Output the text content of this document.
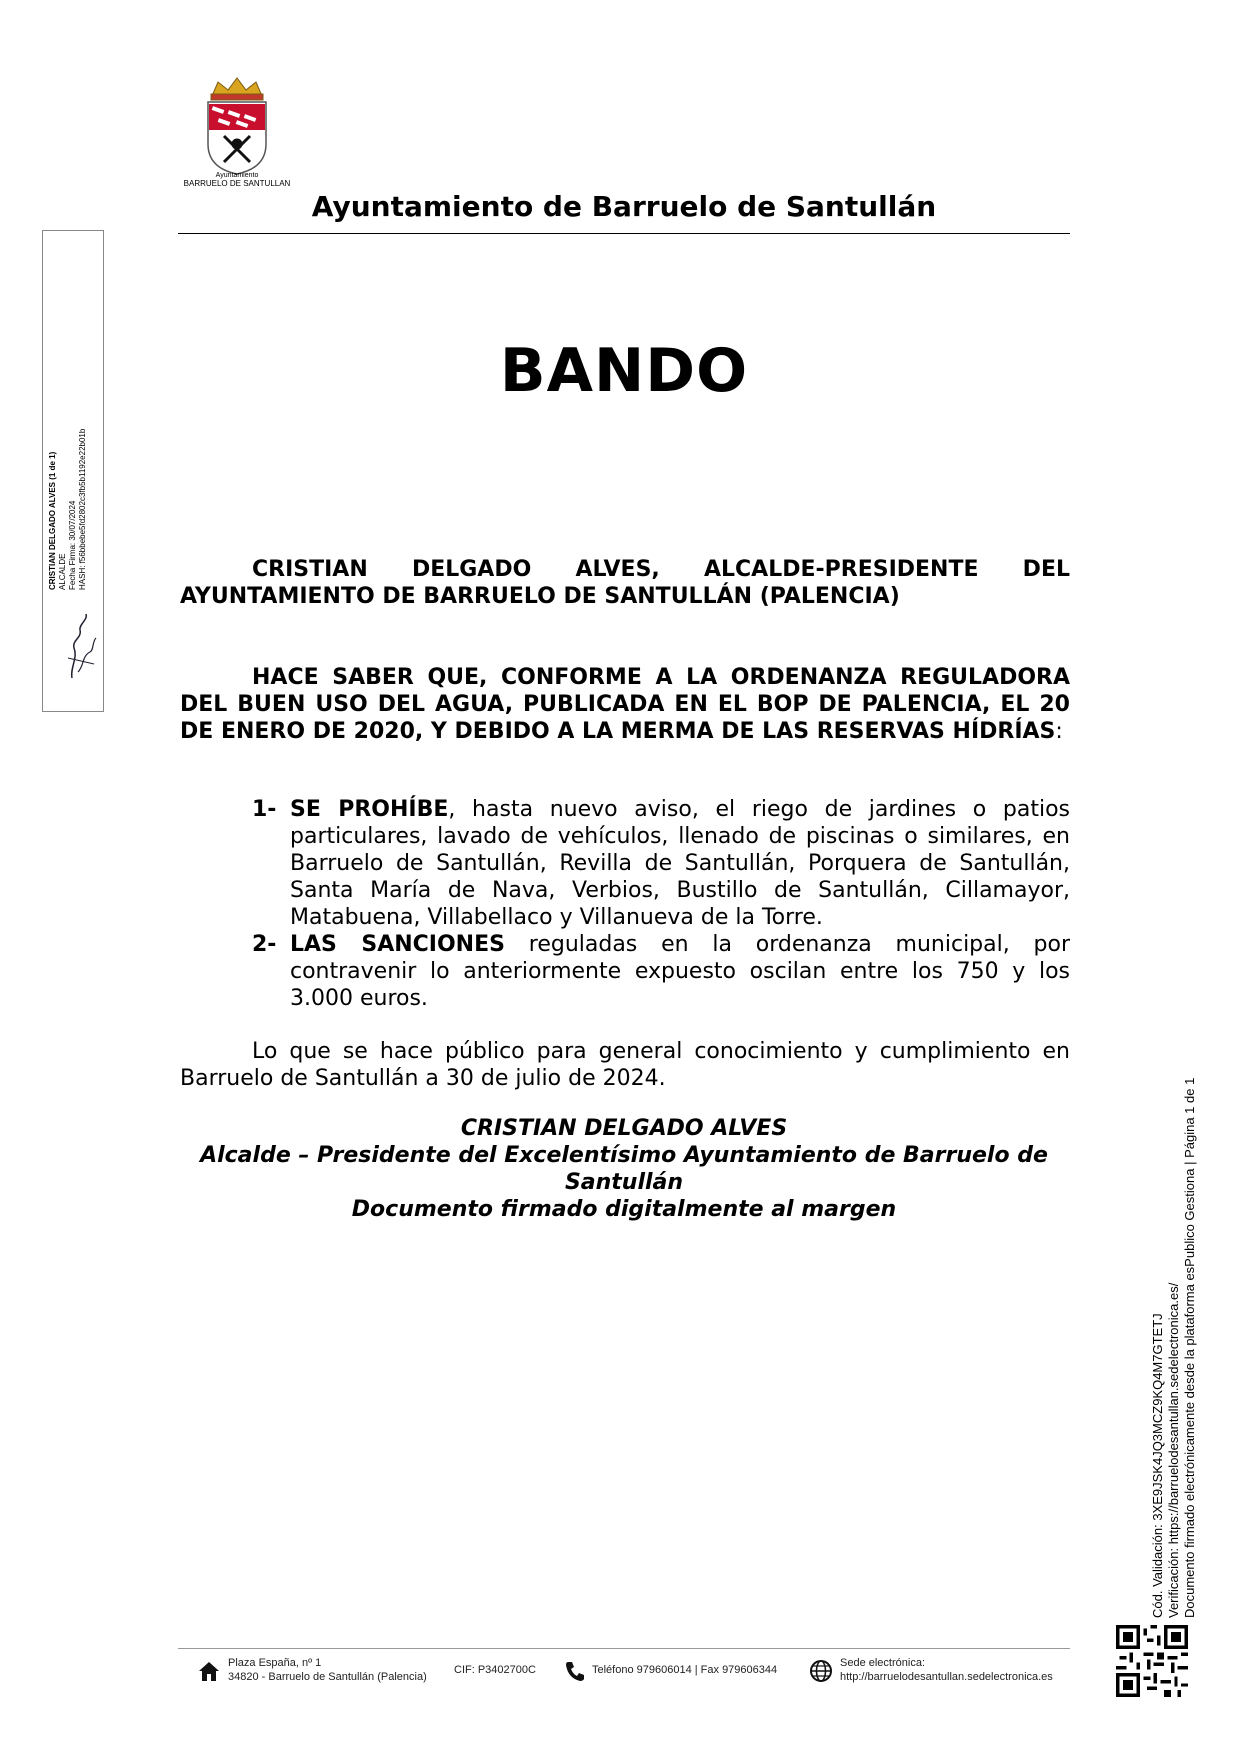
Ayuntamiento
BARRUELO DE SANTULLAN
Ayuntamiento de Barruelo de Santullán
BANDO
CRISTIAN DELGADO ALVES, ALCALDE-PRESIDENTE DEL AYUNTAMIENTO DE BARRUELO DE SANTULLÁN (PALENCIA)
HACE SABER QUE, CONFORME A LA ORDENANZA REGULADORA DEL BUEN USO DEL AGUA, PUBLICADA EN EL BOP DE PALENCIA, EL 20 DE ENERO DE 2020, Y DEBIDO A LA MERMA DE LAS RESERVAS HÍDRÍAS:
1- SE PROHÍBE, hasta nuevo aviso, el riego de jardines o patios particulares, lavado de vehículos, llenado de piscinas o similares, en Barruelo de Santullán, Revilla de Santullán, Porquera de Santullán, Santa María de Nava, Verbios, Bustillo de Santullán, Cillamayor, Matabuena, Villabellaco y Villanueva de la Torre.
2- LAS SANCIONES reguladas en la ordenanza municipal, por contravenir lo anteriormente expuesto oscilan entre los 750 y los 3.000 euros.
Lo que se hace público para general conocimiento y cumplimiento en Barruelo de Santullán a 30 de julio de 2024.
CRISTIAN DELGADO ALVES
Alcalde – Presidente del Excelentísimo Ayuntamiento de Barruelo de Santullán
Documento firmado digitalmente al margen
CRISTIAN DELGADO ALVES (1 de 1) ALCALDE Fecha Firma: 30/07/2024 HASH: f56bbebe5fd2802c3fb5b1192e22b01b
Cód. Validación: 3XE9JSK4JQ3MCZ9KQ4M7GTETJ Verificación: https://barruelodesantullan.sedelectronica.es/ Documento firmado electrónicamente desde la plataforma esPublico Gestiona | Página 1 de 1
Plaza España, nº 1
34820 - Barruelo de Santullán (Palencia)
CIF: P3402700C	Teléfono 979606014 | Fax 979606344
Sede electrónica:
http://barruelodesantullan.sedelectronica.es
